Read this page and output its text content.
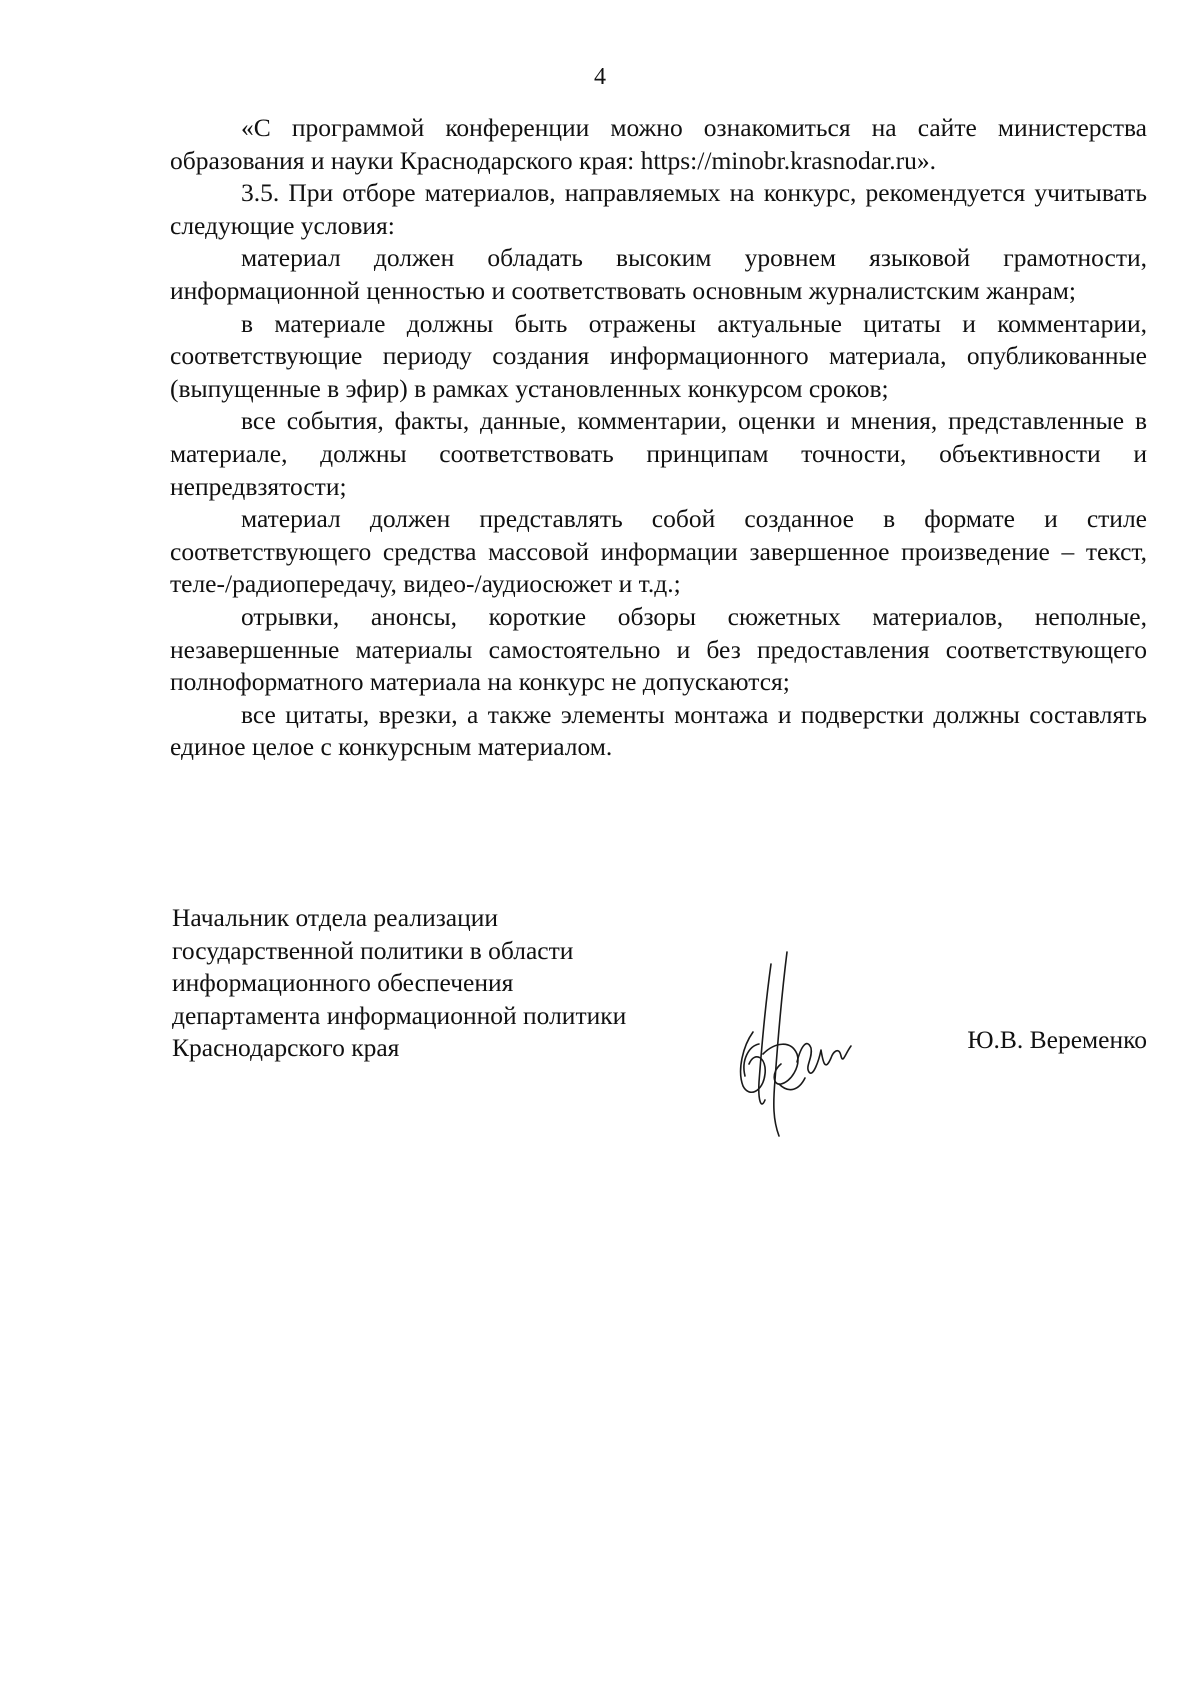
4

«С программой конференции можно ознакомиться на сайте министерства образования и науки Краснодарского края: https://minobr.krasnodar.ru».

3.5. При отборе материалов, направляемых на конкурс, рекомендуется учитывать следующие условия:

материал должен обладать высоким уровнем языковой грамотности, информационной ценностью и соответствовать основным журналистским жанрам;

в материале должны быть отражены актуальные цитаты и комментарии, соответствующие периоду создания информационного материала, опубликованные (выпущенные в эфир) в рамках установленных конкурсом сроков;

все события, факты, данные, комментарии, оценки и мнения, представленные в материале, должны соответствовать принципам точности, объективности и непредвзятости;

материал должен представлять собой созданное в формате и стиле соответствующего средства массовой информации завершенное произведение – текст, теле-/радиопередачу, видео-/аудиосюжет и т.д.;

отрывки, анонсы, короткие обзоры сюжетных материалов, неполные, незавершенные материалы самостоятельно и без предоставления соответствующего полноформатного материала на конкурс не допускаются;

все цитаты, врезки, а также элементы монтажа и подверстки должны составлять единое целое с конкурсным материалом.

Начальник отдела реализации
государственной политики в области
информационного обеспечения
департамента информационной политики
Краснодарского края	Ю.В. Веременко
